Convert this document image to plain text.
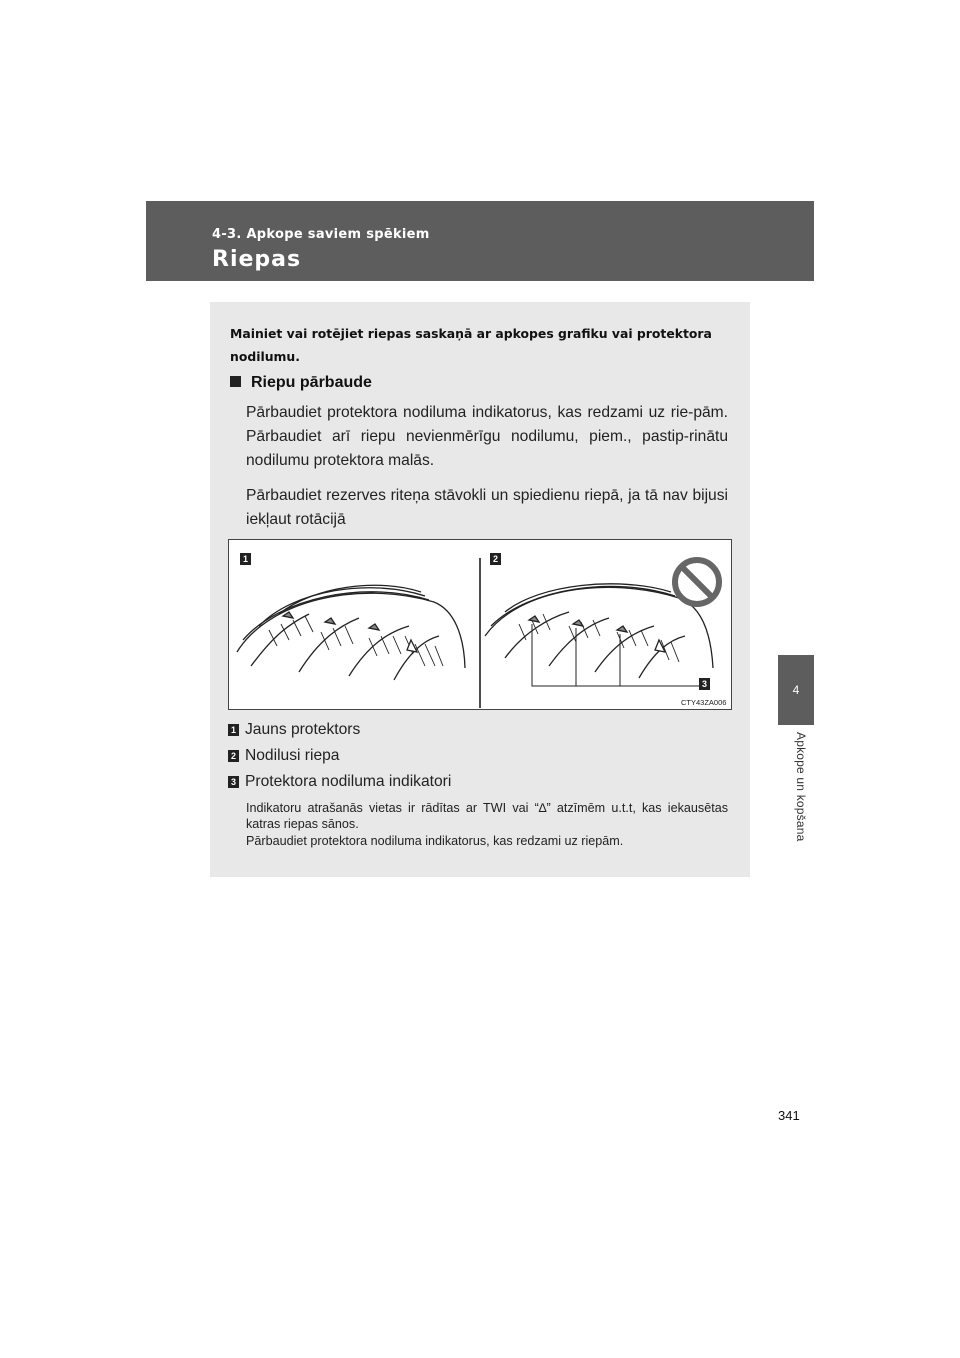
4-3. Apkope saviem spēkiem
Riepas
4
Apkope un kopšana
341

Mainiet vai rotējiet riepas saskaņā ar apkopes grafiku vai protektora nodilumu.

Riepu pārbaude

Pārbaudiet protektora nodiluma indikatorus, kas redzami uz rie-pām. Pārbaudiet arī riepu nevienmērīgu nodilumu, piem., pastip-rinātu nodilumu protektora malās.

Pārbaudiet rezerves riteņa stāvokli un spiedienu riepā, ja tā nav bijusi iekļaut rotācijā

1	2
3
CTY43ZA006
1 Jauns protektors
2 Nodilusi riepa
3 Protektora nodiluma indikatori

Indikatoru atrašanās vietas ir rādītas ar TWI vai “∆” atzīmēm u.t.t, kas iekausētas katras riepas sānos.

Pārbaudiet protektora nodiluma indikatorus, kas redzami uz riepām.
